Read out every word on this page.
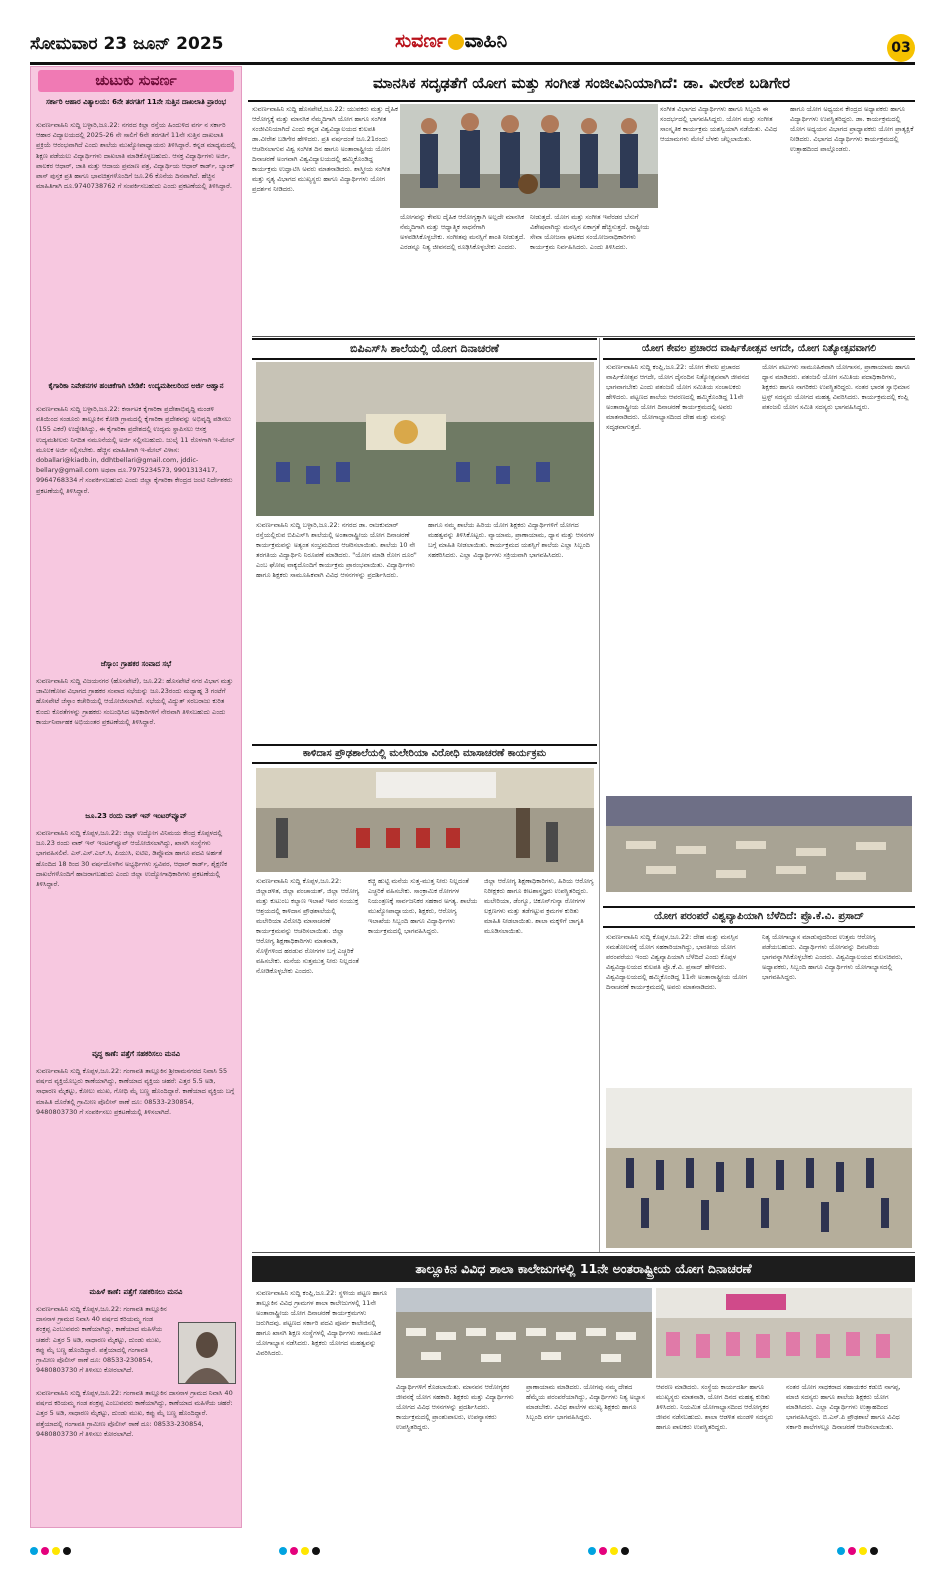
ಸೋಮವಾರ 23 ಜೂನ್ 2025	ಸುವರ್ಣ ವಾಹಿನಿ	03
ಚುಟುಕು ಸುವರ್ಣ
ಸರ್ಕಾರಿ ಆಹಾರ ವಿತ್ಯಾಲಯ: 6ನೇ ತರಗತಿಗೆ 11ನೇ ಸುತ್ತಿನ ದಾಖಲಾತಿ ಪ್ರಾರಂಭ
ಸುವರ್ಣವಾಹಿನಿ ಸುದ್ದಿ ಬಳ್ಳಾರಿ,ಜೂ.22: ನಗರದ ಕಿಲ್ಲಾ ರಸ್ತೆಯ ಹಿಂದುಳಿದ ವರ್ಗ ನ ಸರ್ಕಾರಿ ಆಹಾರ ವಿದ್ಯಾಲಯದಲ್ಲಿ 2025-26 ನೇ ಸಾಲಿಗೆ 6ನೇ ತರಗತಿಗೆ 11ನೇ ಸುತ್ತಿನ ದಾಖಲಾತಿ ಪ್ರಕ್ರಿಯೆ ಆರಂಭವಾಗಿದೆ ಎಂದು ಶಾಲೆಯ ಮುಖ್ಯೋಪಾಧ್ಯಾಯರು ತಿಳಿಸಿದ್ದಾರೆ. ಕನ್ನಡ ಮಾಧ್ಯಮದಲ್ಲಿ ಶಿಕ್ಷಣ ಪಡೆಯಲು ವಿದ್ಯಾರ್ಥಿಗಳು ದಾಖಲಾತಿ ಮಾಡಿಕೊಳ್ಳಬಹುದು. ಆಸಕ್ತ ವಿದ್ಯಾರ್ಥಿಗಳು ಅರ್ಜಿ, ಪಾಲಕರ ಆಧಾರ್, ಜಾತಿ ಮತ್ತು ಆದಾಯ ಪ್ರಮಾಣ ಪತ್ರ, ವಿದ್ಯಾರ್ಥಿಯ ಆಧಾರ್ ಕಾರ್ಡ್, ಬ್ಯಾಂಕ್ ಪಾಸ್ ಪುಸ್ತಕ ಪ್ರತಿ ಹಾಗೂ ಭಾವಚಿತ್ರಗಳೊಂದಿಗೆ ಜೂ.26 ಕೊನೆಯ ದಿನವಾಗಿದೆ. ಹೆಚ್ಚಿನ ಮಾಹಿತಿಗಾಗಿ ದೂ.9740738762 ಗೆ ಸಂಪರ್ಕಿಸಬಹುದು ಎಂದು ಪ್ರಕಟಣೆಯಲ್ಲಿ ತಿಳಿಸಿದ್ದಾರೆ.
ಕೈಗಾರಿಕಾ ನಿವೇಶನಗಳ ಹಂಚಿಕೆಗಾಗಿ ಬೇಡಿಕೆ: ಉದ್ಯಮಶೀಲರಿಂದ ಅರ್ಜಿ ಆಹ್ವಾನ
ಸುವರ್ಣವಾಹಿನಿ ಸುದ್ದಿ ಬಳ್ಳಾರಿ,ಜೂ.22: ಕರ್ನಾಟಕ ಕೈಗಾರಿಕಾ ಪ್ರದೇಶಾಭಿವೃದ್ಧಿ ಮಂಡಳಿ ವತಿಯಿಂದ ಸಂಡೂರು ತಾಲ್ಲೂಕಿನ ಕೋಡಿ ಗ್ರಾಮದಲ್ಲಿ ಕೈಗಾರಿಕಾ ಪ್ರದೇಶವನ್ನು ಅಭಿವೃದ್ಧಿ ಪಡಿಸಲು (155 ಎಕರೆ) ಉದ್ದೇಶಿಸಿದ್ದು, ಈ ಕೈಗಾರಿಕಾ ಪ್ರದೇಶದಲ್ಲಿ ಉದ್ಯಮ ಸ್ಥಾಪಿಸಲು ಆಸಕ್ತ ಉದ್ಯಮಶೀಲರು ನಿಗದಿತ ನಮೂನೆಯಲ್ಲಿ ಅರ್ಜಿ ಸಲ್ಲಿಸಬಹುದು. ಜುಲೈ 11 ರೊಳಗಾಗಿ ಇ-ಮೇಲ್ ಮೂಲಕ ಅರ್ಜಿ ಸಲ್ಲಿಸಬೇಕು. ಹೆಚ್ಚಿನ ಮಾಹಿತಿಗಾಗಿ ಇ-ಮೇಲ್ ವಿಳಾಸ: doballari@kiadb.in, ddhtbellari@gmail.com, jddic-bellary@gmail.com ಅಥವಾ ದೂ.7975234573, 9901313417, 9964768334 ಗೆ ಸಂಪರ್ಕಿಸಬಹುದು ಎಂದು ಜಿಲ್ಲಾ ಕೈಗಾರಿಕಾ ಕೇಂದ್ರದ ಜಂಟಿ ನಿರ್ದೇಶಕರು ಪ್ರಕಟಣೆಯಲ್ಲಿ ತಿಳಿಸಿದ್ದಾರೆ.
ಜೆಸ್ಕಾಂ: ಗ್ರಾಹಕರ ಸಂವಾದ ಸಭೆ
ಸುವರ್ಣವಾಹಿನಿ ಸುದ್ದಿ ವಿಜಯನಗರ (ಹೊಸಪೇಟೆ), ಜೂ.22: ಹೊಸಪೇಟೆ ನಗರ ವಿಭಾಗ ಮತ್ತು ಜಾಮೀಣೋಪ ವಿಭಾಗದ ಗ್ರಾಹಕರ ಸಂವಾದ ಸಭೆಯನ್ನು ಜೂ.23ರಂದು ಮಧ್ಯಾಹ್ನ 3 ಗಂಟೆಗೆ ಹೊಸಪೇಟೆ ಜೆಸ್ಕಾಂ ಕಚೇರಿಯಲ್ಲಿ ಆಯೋಜಿಸಲಾಗಿದೆ. ಸಭೆಯಲ್ಲಿ ವಿದ್ಯುತ್ ಸರಬರಾಜು ಕುರಿತ ಕುಂದು ಕೊರತೆಗಳನ್ನು ಗ್ರಾಹಕರು ಸಂಬಂಧಿಸಿದ ಅಧಿಕಾರಿಗಳಿಗೆ ನೇರವಾಗಿ ತಿಳಿಸಬಹುದು ಎಂದು ಕಾರ್ಯನಿರ್ವಾಹಕ ಅಭಿಯಂತರ ಪ್ರಕಟಣೆಯಲ್ಲಿ ತಿಳಿಸಿದ್ದಾರೆ.
ಜೂ.23 ರಂದು ವಾಕ್ ಇನ್ ಇಂಟರ್‌ವ್ಯೂವ್
ಸುವರ್ಣವಾಹಿನಿ ಸುದ್ದಿ ಕೊಪ್ಪಳ,ಜೂ.22: ಜಿಲ್ಲಾ ಉದ್ಯೋಗ ವಿನಿಮಯ ಕೇಂದ್ರ ಕೊಪ್ಪಳದಲ್ಲಿ ಜೂ.23 ರಂದು ವಾಕ್ ಇನ್ ಇಂಟರ್‌ವ್ಯೂವ್ ಆಯೋಜಿಸಲಾಗಿದ್ದು, ಖಾಸಗಿ ಸಂಸ್ಥೆಗಳು ಭಾಗವಹಿಸಲಿವೆ. ಎಸ್.ಎಸ್.ಎಲ್.ಸಿ, ಪಿಯುಸಿ, ಐಟಿಐ, ಡಿಪ್ಲೊಮಾ ಹಾಗೂ ಪದವಿ ಅರ್ಹತೆ ಹೊಂದಿದ 18 ರಿಂದ 30 ವರ್ಷದೊಳಗಿನ ಅಭ್ಯರ್ಥಿಗಳು ಸ್ವವಿವರ, ಆಧಾರ್ ಕಾರ್ಡ್, ಶೈಕ್ಷಣಿಕ ದಾಖಲೆಗಳೊಂದಿಗೆ ಹಾಜರಾಗಬಹುದು ಎಂದು ಜಿಲ್ಲಾ ಉದ್ಯೋಗಾಧಿಕಾರಿಗಳು ಪ್ರಕಟಣೆಯಲ್ಲಿ ತಿಳಿಸಿದ್ದಾರೆ.
ವೃದ್ಧ ಕಾಣೆ: ಪತ್ತೆಗೆ ಸಹಕರಿಸಲು ಮನವಿ
ಸುವರ್ಣವಾಹಿನಿ ಸುದ್ದಿ ಕೊಪ್ಪಳ,ಜೂ.22: ಗಂಗಾವತಿ ತಾಲ್ಲೂಕಿನ ಶ್ರೀರಾಮನಗರದ ನಿವಾಸಿ 55 ವರ್ಷದ ವ್ಯಕ್ತಿಯೊಬ್ಬರು ಕಾಣೆಯಾಗಿದ್ದು, ಕಾಣೆಯಾದ ವ್ಯಕ್ತಿಯ ಚಹರೆ: ಎತ್ತರ 5.5 ಅಡಿ, ಸಾಧಾರಣ ಮೈಕಟ್ಟು, ಕೋಲು ಮುಖ, ಗೋಧಿ ಮೈ ಬಣ್ಣ ಹೊಂದಿದ್ದಾರೆ. ಕಾಣೆಯಾದ ವ್ಯಕ್ತಿಯ ಬಗ್ಗೆ ಮಾಹಿತಿ ದೊರೆತಲ್ಲಿ ಗ್ರಾಮೀಣ ಪೊಲೀಸ್ ಠಾಣೆ ದೂ: 08533-230854, 9480803730 ಗೆ ಸಂಪರ್ಕಿಸಲು ಪ್ರಕಟಣೆಯಲ್ಲಿ ತಿಳಿಸಲಾಗಿದೆ.
ಮಹಿಳೆ ಕಾಣೆ: ಪತ್ತೆಗೆ ಸಹಕರಿಸಲು ಮನವಿ
ಸುವರ್ಣವಾಹಿನಿ ಸುದ್ದಿ ಕೊಪ್ಪಳ,ಜೂ.22: ಗಂಗಾವತಿ ತಾಲ್ಲೂಕಿನ ದಾಸನಾಳ ಗ್ರಾಮದ ನಿವಾಸಿ 40 ವರ್ಷದ ಕರಿಯಮ್ಮ ಗಂಡ ಶಂಕ್ರಪ್ಪ ಎಂಬುವವರು ಕಾಣೆಯಾಗಿದ್ದು, ಕಾಣೆಯಾದ ಮಹಿಳೆಯ ಚಹರೆ: ಎತ್ತರ 5 ಅಡಿ, ಸಾಧಾರಣ ಮೈಕಟ್ಟು, ದುಂಡು ಮುಖ, ಕಪ್ಪು ಮೈ ಬಣ್ಣ ಹೊಂದಿದ್ದಾರೆ. ಪತ್ತೆಯಾದಲ್ಲಿ ಗಂಗಾವತಿ ಗ್ರಾಮೀಣ ಪೊಲೀಸ್ ಠಾಣೆ ದೂ: 08533-230854, 9480803730 ಗೆ ತಿಳಿಸಲು ಕೋರಲಾಗಿದೆ.
ಸುವರ್ಣವಾಹಿನಿ ಸುದ್ದಿ ಕೊಪ್ಪಳ,ಜೂ.22: ಗಂಗಾವತಿ ತಾಲ್ಲೂಕಿನ ದಾಸನಾಳ ಗ್ರಾಮದ ನಿವಾಸಿ 40 ವರ್ಷದ ಕರಿಯಮ್ಮ ಗಂಡ ಶಂಕ್ರಪ್ಪ ಎಂಬುವವರು ಕಾಣೆಯಾಗಿದ್ದು, ಕಾಣೆಯಾದ ಮಹಿಳೆಯ ಚಹರೆ: ಎತ್ತರ 5 ಅಡಿ, ಸಾಧಾರಣ ಮೈಕಟ್ಟು, ದುಂಡು ಮುಖ, ಕಪ್ಪು ಮೈ ಬಣ್ಣ ಹೊಂದಿದ್ದಾರೆ. ಪತ್ತೆಯಾದಲ್ಲಿ ಗಂಗಾವತಿ ಗ್ರಾಮೀಣ ಪೊಲೀಸ್ ಠಾಣೆ ದೂ: 08533-230854, 9480803730 ಗೆ ತಿಳಿಸಲು ಕೋರಲಾಗಿದೆ.
ಮಾನಸಿಕ ಸದೃಢತೆಗೆ ಯೋಗ ಮತ್ತು ಸಂಗೀತ ಸಂಜೀವಿನಿಯಾಗಿದೆ: ಡಾ. ವೀರೇಶ ಬಡಿಗೇರ
ಸುವರ್ಣವಾಹಿನಿ ಸುದ್ದಿ ಹೊಸಪೇಟೆ,ಜೂ.22: ಯುವಕರು ಮತ್ತು ದೈಹಿಕ ಆರೋಗ್ಯಕ್ಕೆ ಮತ್ತು ಮಾನಸಿಕ ನೆಮ್ಮದಿಗಾಗಿ ಯೋಗ ಹಾಗೂ ಸಂಗೀತ ಸಂಜೀವಿನಿಯಾಗಿದೆ ಎಂದು ಕನ್ನಡ ವಿಶ್ವವಿದ್ಯಾಲಯದ ಕುಲಪತಿ ಡಾ.ವೀರೇಶ ಬಡಿಗೇರ ಹೇಳಿದರು. ಪ್ರತಿ ವರ್ಷದಂತೆ ಜೂ.21ರಂದು ಆಚರಿಸಲಾಗುವ ವಿಶ್ವ ಸಂಗೀತ ದಿನ ಹಾಗೂ ಅಂತಾರಾಷ್ಟ್ರೀಯ ಯೋಗ ದಿನಾಚರಣೆ ಅಂಗವಾಗಿ ವಿಶ್ವವಿದ್ಯಾಲಯದಲ್ಲಿ ಹಮ್ಮಿಕೊಂಡಿದ್ದ ಕಾರ್ಯಕ್ರಮ ಉದ್ಘಾಟಿಸಿ ಅವರು ಮಾತನಾಡಿದರು. ಶಾಸ್ತ್ರೀಯ ಸಂಗೀತ ಮತ್ತು ನೃತ್ಯ ವಿಭಾಗದ ಮುಖ್ಯಸ್ಥರು ಹಾಗೂ ವಿದ್ಯಾರ್ಥಿಗಳು ಯೋಗ ಪ್ರದರ್ಶನ ನೀಡಿದರು.
ಯೋಗವನ್ನು ಕೇವಲ ದೈಹಿಕ ಆರೋಗ್ಯಕ್ಕಾಗಿ ಅಲ್ಲದೇ ಮಾನಸಿಕ ನೆಮ್ಮದಿಗಾಗಿ ಮತ್ತು ಆಧ್ಯಾತ್ಮಿಕ ಸಾಧನೆಗಾಗಿ ಅಳವಡಿಸಿಕೊಳ್ಳಬೇಕು. ಸಂಗೀತವು ಮನಸ್ಸಿಗೆ ಶಾಂತಿ ನೀಡುತ್ತದೆ. ಎರಡನ್ನೂ ನಿತ್ಯ ಜೀವನದಲ್ಲಿ ರೂಢಿಸಿಕೊಳ್ಳಬೇಕು ಎಂದರು.
ನೀಡುತ್ತದೆ. ಯೋಗ ಮತ್ತು ಸಂಗೀತ ಇವೆರಡರ ಬೆಸುಗೆ ವಿಶೇಷವಾಗಿದ್ದು ಮನಸ್ಸಿನ ಏಕಾಗ್ರತೆ ಹೆಚ್ಚಿಸುತ್ತದೆ. ರಾಷ್ಟ್ರೀಯ ಸೇವಾ ಯೋಜನಾ ಘಟಕದ ಸಂಯೋಜನಾಧಿಕಾರಿಗಳು ಕಾರ್ಯಕ್ರಮ ನಿರ್ವಹಿಸಿದರು. ಎಂದು ತಿಳಿಸಿದರು.
ಸಂಗೀತ ವಿಭಾಗದ ವಿದ್ಯಾರ್ಥಿಗಳು ಹಾಗೂ ಸಿಬ್ಬಂದಿ ಈ ಸಂದರ್ಭದಲ್ಲಿ ಭಾಗವಹಿಸಿದ್ದರು. ಯೋಗ ಮತ್ತು ಸಂಗೀತ ಸಾಂಸ್ಕೃತಿಕ ಕಾರ್ಯಕ್ರಮ ಯಶಸ್ವಿಯಾಗಿ ನಡೆಯಿತು. ವಿವಿಧ ಆಯಾಮಗಳು ಮೇಲೆ ಬೆಳಕು ಚೆಲ್ಲಲಾಯಿತು.
ಹಾಗೂ ಯೋಗ ಅಧ್ಯಯನ ಕೇಂದ್ರದ ಅಧ್ಯಾಪಕರು ಹಾಗೂ ವಿದ್ಯಾರ್ಥಿಗಳು ಉಪಸ್ಥಿತರಿದ್ದರು. ಡಾ. ಕಾರ್ಯಕ್ರಮದಲ್ಲಿ ಯೋಗ ಅಧ್ಯಯನ ವಿಭಾಗದ ಪ್ರಾಧ್ಯಾಪಕರು ಯೋಗ ಪ್ರಾತ್ಯಕ್ಷಿಕೆ ನೀಡಿದರು. ವಿಭಾಗದ ವಿದ್ಯಾರ್ಥಿಗಳು ಕಾರ್ಯಕ್ರಮದಲ್ಲಿ ಉತ್ಸಾಹದಿಂದ ಪಾಲ್ಗೊಂಡರು.
ಬಿಪಿಎಸ್‌ಸಿ ಶಾಲೆಯಲ್ಲಿ ಯೋಗ ದಿನಾಚರಣೆ
ಸುವರ್ಣವಾಹಿನಿ ಸುದ್ದಿ ಬಳ್ಳಾರಿ,ಜೂ.22: ನಗರದ ಡಾ. ರಾಜಕುಮಾರ್ ರಸ್ತೆಯಲ್ಲಿರುವ ಬಿಪಿಎಸ್‌ಸಿ ಶಾಲೆಯಲ್ಲಿ ಅಂತಾರಾಷ್ಟ್ರೀಯ ಯೋಗ ದಿನಾಚರಣೆ ಕಾರ್ಯಕ್ರಮವನ್ನು ಅತ್ಯಂತ ಸಂಭ್ರಮದಿಂದ ಆಚರಿಸಲಾಯಿತು. ಶಾಲೆಯ 10 ನೇ ತರಗತಿಯ ವಿದ್ಯಾರ್ಥಿನಿ ನಿರೂಪಣೆ ಮಾಡಿದರು. "ಯೋಗ ಮಾಡಿ ರೋಗ ದೂರ" ಎಂಬ ಘೋಷ ವಾಕ್ಯದೊಂದಿಗೆ ಕಾರ್ಯಕ್ರಮ ಪ್ರಾರಂಭವಾಯಿತು. ವಿದ್ಯಾರ್ಥಿಗಳು ಹಾಗೂ ಶಿಕ್ಷಕರು ಸಾಮೂಹಿಕವಾಗಿ ವಿವಿಧ ಆಸನಗಳನ್ನು ಪ್ರದರ್ಶಿಸಿದರು.
ಹಾಗೂ ನಮ್ಮ ಶಾಲೆಯ ಹಿರಿಯ ಯೋಗ ಶಿಕ್ಷಕರು ವಿದ್ಯಾರ್ಥಿಗಳಿಗೆ ಯೋಗದ ಮಹತ್ವವನ್ನು ತಿಳಿಸಿಕೊಟ್ಟರು. ವ್ಯಾಯಾಮ, ಪ್ರಾಣಾಯಾಮ, ಧ್ಯಾನ ಮತ್ತು ಆಸನಗಳ ಬಗ್ಗೆ ಮಾಹಿತಿ ನೀಡಲಾಯಿತು. ಕಾರ್ಯಕ್ರಮದ ಯಶಸ್ಸಿಗೆ ಶಾಲೆಯ ಎಲ್ಲಾ ಸಿಬ್ಬಂದಿ ಸಹಕರಿಸಿದರು. ಎಲ್ಲಾ ವಿದ್ಯಾರ್ಥಿಗಳು ಸಕ್ರಿಯವಾಗಿ ಭಾಗವಹಿಸಿದರು.
ಯೋಗ ಕೇವಲ ಪ್ರಚಾರದ ವಾರ್ಷಿಕೋತ್ಸವ ಆಗದೇ, ಯೋಗ ನಿತ್ಯೋತ್ಸವವಾಗಲಿ
ಸುವರ್ಣವಾಹಿನಿ ಸುದ್ದಿ ಕಂಪ್ಲಿ,ಜೂ.22: ಯೋಗ ಕೇವಲ ಪ್ರಚಾರದ ವಾರ್ಷಿಕೋತ್ಸವ ಆಗದೇ, ಯೋಗ ದೈನಂದಿನ ನಿತ್ಯೋತ್ಸವವಾಗಿ ಜೀವನದ ಭಾಗವಾಗಬೇಕು ಎಂದು ಪತಂಜಲಿ ಯೋಗ ಸಮಿತಿಯ ಸಂಚಾಲಕರು ಹೇಳಿದರು. ಪಟ್ಟಣದ ಶಾಲೆಯ ಆವರಣದಲ್ಲಿ ಹಮ್ಮಿಕೊಂಡಿದ್ದ 11ನೇ ಅಂತಾರಾಷ್ಟ್ರೀಯ ಯೋಗ ದಿನಾಚರಣೆ ಕಾರ್ಯಕ್ರಮದಲ್ಲಿ ಅವರು ಮಾತನಾಡಿದರು. ಯೋಗಾಭ್ಯಾಸದಿಂದ ದೇಹ ಮತ್ತು ಮನಸ್ಸು ಸದೃಢವಾಗುತ್ತದೆ.
ಯೋಗ ಪಟುಗಳು ಸಾಮೂಹಿಕವಾಗಿ ಯೋಗಾಸನ, ಪ್ರಾಣಾಯಾಮ ಹಾಗೂ ಧ್ಯಾನ ಮಾಡಿದರು. ಪತಂಜಲಿ ಯೋಗ ಸಮಿತಿಯ ಪದಾಧಿಕಾರಿಗಳು, ಶಿಕ್ಷಕರು ಹಾಗೂ ನಾಗರಿಕರು ಉಪಸ್ಥಿತರಿದ್ದರು. ನಂತರ ಭಾರತ ಸ್ವಾಭಿಮಾನ ಟ್ರಸ್ಟ್ ಸದಸ್ಯರು ಯೋಗದ ಮಹತ್ವ ವಿವರಿಸಿದರು. ಕಾರ್ಯಕ್ರಮದಲ್ಲಿ ಕಂಪ್ಲಿ ಪತಂಜಲಿ ಯೋಗ ಸಮಿತಿ ಸದಸ್ಯರು ಭಾಗವಹಿಸಿದ್ದರು.
ಕಾಳಿದಾಸ ಪ್ರೌಢಶಾಲೆಯಲ್ಲಿ ಮಲೇರಿಯಾ ವಿರೋಧಿ ಮಾಸಾಚರಣೆ ಕಾರ್ಯಕ್ರಮ
ಸುವರ್ಣವಾಹಿನಿ ಸುದ್ದಿ ಕೊಪ್ಪಳ,ಜೂ.22: ಜಿಲ್ಲಾಡಳಿತ, ಜಿಲ್ಲಾ ಪಂಚಾಯತ್, ಜಿಲ್ಲಾ ಆರೋಗ್ಯ ಮತ್ತು ಕುಟುಂಬ ಕಲ್ಯಾಣ ಇಲಾಖೆ ಇವರ ಸಂಯುಕ್ತ ಆಶ್ರಯದಲ್ಲಿ ಕಾಳಿದಾಸ ಪ್ರೌಢಶಾಲೆಯಲ್ಲಿ ಮಲೇರಿಯಾ ವಿರೋಧಿ ಮಾಸಾಚರಣೆ ಕಾರ್ಯಕ್ರಮವನ್ನು ಆಚರಿಸಲಾಯಿತು. ಜಿಲ್ಲಾ ಆರೋಗ್ಯ ಶಿಕ್ಷಣಾಧಿಕಾರಿಗಳು ಮಾತನಾಡಿ, ಸೊಳ್ಳೆಗಳಿಂದ ಹರಡುವ ರೋಗಗಳ ಬಗ್ಗೆ ಎಚ್ಚರಿಕೆ ವಹಿಸಬೇಕು. ಮನೆಯ ಸುತ್ತಮುತ್ತ ನೀರು ನಿಲ್ಲದಂತೆ ನೋಡಿಕೊಳ್ಳಬೇಕು ಎಂದರು.
ಕಚ್ಚಿ ಹುಟ್ಟಿ ಮನೆಯ ಸುತ್ತ-ಮುತ್ತ ನೀರು ನಿಲ್ಲದಂತೆ ಎಚ್ಚರಿಕೆ ವಹಿಸಬೇಕು. ಸಾಂಕ್ರಾಮಿಕ ರೋಗಗಳ ನಿಯಂತ್ರಣಕ್ಕೆ ಸಾರ್ವಜನಿಕರ ಸಹಕಾರ ಅಗತ್ಯ. ಶಾಲೆಯ ಮುಖ್ಯೋಪಾಧ್ಯಾಯರು, ಶಿಕ್ಷಕರು, ಆರೋಗ್ಯ ಇಲಾಖೆಯ ಸಿಬ್ಬಂದಿ ಹಾಗೂ ವಿದ್ಯಾರ್ಥಿಗಳು ಕಾರ್ಯಕ್ರಮದಲ್ಲಿ ಭಾಗವಹಿಸಿದ್ದರು.
ಜಿಲ್ಲಾ ಆರೋಗ್ಯ ಶಿಕ್ಷಣಾಧಿಕಾರಿಗಳು, ಹಿರಿಯ ಆರೋಗ್ಯ ನಿರೀಕ್ಷಕರು ಹಾಗೂ ಕೀಟಶಾಸ್ತ್ರಜ್ಞರು ಉಪಸ್ಥಿತರಿದ್ದರು. ಮಲೇರಿಯಾ, ಡೆಂಗ್ಯೂ, ಚಿಕೂನ್‌ಗುನ್ಯಾ ರೋಗಗಳ ಲಕ್ಷಣಗಳು ಮತ್ತು ತಡೆಗಟ್ಟುವ ಕ್ರಮಗಳ ಕುರಿತು ಮಾಹಿತಿ ನೀಡಲಾಯಿತು. ಶಾಲಾ ಮಕ್ಕಳಿಗೆ ಜಾಗೃತಿ ಮೂಡಿಸಲಾಯಿತು.
ಯೋಗ ಪರಂಪರೆ ವಿಶ್ವವ್ಯಾಪಿಯಾಗಿ ಬೆಳೆದಿದೆ: ಪ್ರೊ.ಕೆ.ವಿ. ಪ್ರಸಾದ್
ಸುವರ್ಣವಾಹಿನಿ ಸುದ್ದಿ ಕೊಪ್ಪಳ,ಜೂ.22: ದೇಹ ಮತ್ತು ಮನಸ್ಸಿನ ಸಮತೋಲನಕ್ಕೆ ಯೋಗ ಸಹಕಾರಿಯಾಗಿದ್ದು, ಭಾರತೀಯ ಯೋಗ ಪರಂಪರೆಯು ಇಂದು ವಿಶ್ವವ್ಯಾಪಿಯಾಗಿ ಬೆಳೆದಿದೆ ಎಂದು ಕೊಪ್ಪಳ ವಿಶ್ವವಿದ್ಯಾಲಯದ ಕುಲಪತಿ ಪ್ರೊ.ಕೆ.ವಿ. ಪ್ರಸಾದ್ ಹೇಳಿದರು. ವಿಶ್ವವಿದ್ಯಾಲಯದಲ್ಲಿ ಹಮ್ಮಿಕೊಂಡಿದ್ದ 11ನೇ ಅಂತಾರಾಷ್ಟ್ರೀಯ ಯೋಗ ದಿನಾಚರಣೆ ಕಾರ್ಯಕ್ರಮದಲ್ಲಿ ಅವರು ಮಾತನಾಡಿದರು.
ನಿತ್ಯ ಯೋಗಾಭ್ಯಾಸ ಮಾಡುವುದರಿಂದ ಉತ್ತಮ ಆರೋಗ್ಯ ಪಡೆಯಬಹುದು. ವಿದ್ಯಾರ್ಥಿಗಳು ಯೋಗವನ್ನು ದಿನಚರಿಯ ಭಾಗವನ್ನಾಗಿಸಿಕೊಳ್ಳಬೇಕು ಎಂದರು. ವಿಶ್ವವಿದ್ಯಾಲಯದ ಕುಲಸಚಿವರು, ಅಧ್ಯಾಪಕರು, ಸಿಬ್ಬಂದಿ ಹಾಗೂ ವಿದ್ಯಾರ್ಥಿಗಳು ಯೋಗಾಭ್ಯಾಸದಲ್ಲಿ ಭಾಗವಹಿಸಿದ್ದರು.
ತಾಲ್ಲೂಕಿನ ವಿವಿಧ ಶಾಲಾ ಕಾಲೇಜುಗಳಲ್ಲಿ 11ನೇ ಅಂತರಾಷ್ಟ್ರೀಯ ಯೋಗ ದಿನಾಚರಣೆ
ಸುವರ್ಣವಾಹಿನಿ ಸುದ್ದಿ ಕಂಪ್ಲಿ,ಜೂ.22: ಸ್ಥಳೀಯ ಪಟ್ಟಣ ಹಾಗೂ ತಾಲ್ಲೂಕಿನ ವಿವಿಧ ಗ್ರಾಮಗಳ ಶಾಲಾ ಕಾಲೇಜುಗಳಲ್ಲಿ 11ನೇ ಅಂತಾರಾಷ್ಟ್ರೀಯ ಯೋಗ ದಿನಾಚರಣೆ ಕಾರ್ಯಕ್ರಮಗಳು ಜರುಗಿದವು. ಪಟ್ಟಣದ ಸರ್ಕಾರಿ ಪದವಿ ಪೂರ್ವ ಕಾಲೇಜಿನಲ್ಲಿ ಹಾಗೂ ಖಾಸಗಿ ಶಿಕ್ಷಣ ಸಂಸ್ಥೆಗಳಲ್ಲಿ ವಿದ್ಯಾರ್ಥಿಗಳು ಸಾಮೂಹಿಕ ಯೋಗಾಭ್ಯಾಸ ನಡೆಸಿದರು. ಶಿಕ್ಷಕರು ಯೋಗದ ಮಹತ್ವವನ್ನು ವಿವರಿಸಿದರು.
ವಿದ್ಯಾರ್ಥಿಗಳಿಗೆ ಕೊಡಲಾಯಿತು. ಮಾನವನ ಆರೋಗ್ಯಕರ ಜೀವನಕ್ಕೆ ಯೋಗ ಸಹಕಾರಿ. ಶಿಕ್ಷಕರು ಮತ್ತು ವಿದ್ಯಾರ್ಥಿಗಳು ಯೋಗದ ವಿವಿಧ ಆಸನಗಳನ್ನು ಪ್ರದರ್ಶಿಸಿದರು. ಕಾರ್ಯಕ್ರಮದಲ್ಲಿ ಪ್ರಾಂಶುಪಾಲರು, ಉಪನ್ಯಾಸಕರು ಉಪಸ್ಥಿತರಿದ್ದರು.
ಪ್ರಾಣಾಯಾಮ ಮಾಡಿದರು. ಯೋಗವು ನಮ್ಮ ದೇಶದ ಹೆಮ್ಮೆಯ ಪರಂಪರೆಯಾಗಿದ್ದು, ವಿದ್ಯಾರ್ಥಿಗಳು ನಿತ್ಯ ಅಭ್ಯಾಸ ಮಾಡಬೇಕು. ವಿವಿಧ ಶಾಲೆಗಳ ಮುಖ್ಯ ಶಿಕ್ಷಕರು ಹಾಗೂ ಸಿಬ್ಬಂದಿ ವರ್ಗ ಭಾಗವಹಿಸಿದ್ದರು.
ಆವರಣ ಮಾಡಿದರು. ಸಂಸ್ಥೆಯ ಕಾರ್ಯದರ್ಶಿ ಹಾಗೂ ಮುಖ್ಯಸ್ಥರು ಮಾತನಾಡಿ, ಯೋಗ ದಿನದ ಮಹತ್ವ ಕುರಿತು ತಿಳಿಸಿದರು. ನಿಯಮಿತ ಯೋಗಾಭ್ಯಾಸದಿಂದ ಆರೋಗ್ಯಕರ ಜೀವನ ನಡೆಸಬಹುದು. ಶಾಲಾ ಆಡಳಿತ ಮಂಡಳಿ ಸದಸ್ಯರು ಹಾಗೂ ಪಾಲಕರು ಉಪಸ್ಥಿತರಿದ್ದರು.
ನಂತರ ಯೋಗ ಸಾಧಕರಾದ ಸಹಾಯಕರ ಕಡುಬಿ ನಾಗಪ್ಪ, ಮಾಜಿ ಸದಸ್ಯರು ಹಾಗೂ ಶಾಲೆಯ ಶಿಕ್ಷಕರು ಯೋಗ ಮಾಡಿಸಿದರು. ಎಲ್ಲಾ ವಿದ್ಯಾರ್ಥಿಗಳು ಉತ್ಸಾಹದಿಂದ ಭಾಗವಹಿಸಿದ್ದರು. ಬಿ.ಎಸ್.ಪಿ ಪ್ರೌಢಶಾಲೆ ಹಾಗೂ ವಿವಿಧ ಸರ್ಕಾರಿ ಶಾಲೆಗಳಲ್ಲೂ ದಿನಾಚರಣೆ ಆಚರಿಸಲಾಯಿತು.
